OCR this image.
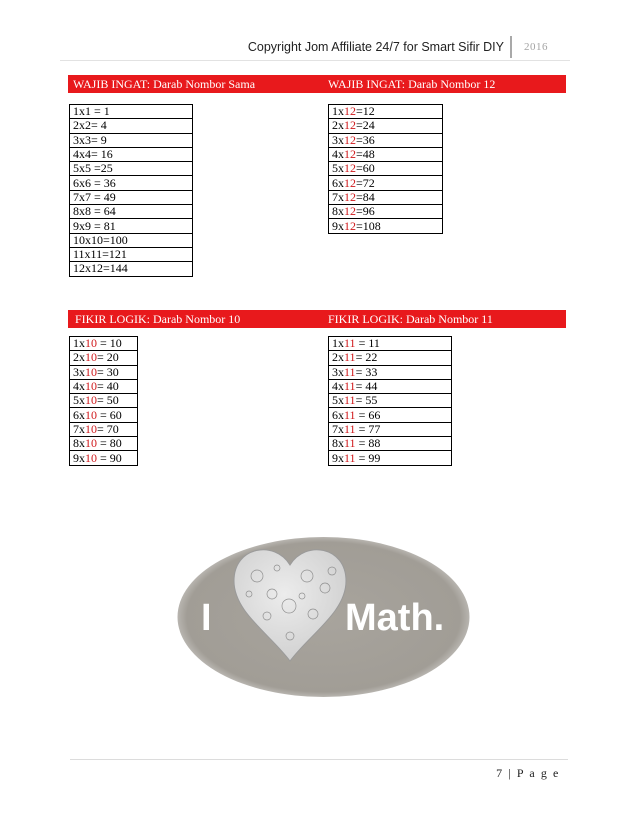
Copyright Jom Affiliate 24/7 for Smart Sifir DIY 2016
WAJIB INGAT: Darab Nombor Sama	WAJIB INGAT: Darab Nombor 12
1x1 = 1
2x2= 4
3x3= 9
4x4= 16
5x5 =25
6x6 = 36
7x7 = 49
8x8 = 64
9x9 = 81
10x10=100
11x11=121
12x12=144
1x12=12
2x12=24
3x12=36
4x12=48
5x12=60
6x12=72
7x12=84
8x12=96
9x12=108
FIKIR LOGIK: Darab Nombor 10	FIKIR LOGIK: Darab Nombor 11
1x10 = 10
2x10= 20
3x10= 30
4x10= 40
5x10= 50
6x10 = 60
7x10= 70
8x10 = 80
9x10 = 90
1x11 = 11
2x11= 22
3x11= 33
4x11= 44
5x11= 55
6x11 = 66
7x11 = 77
8x11 = 88
9x11 = 99
I	Math.
7 | P a g e
